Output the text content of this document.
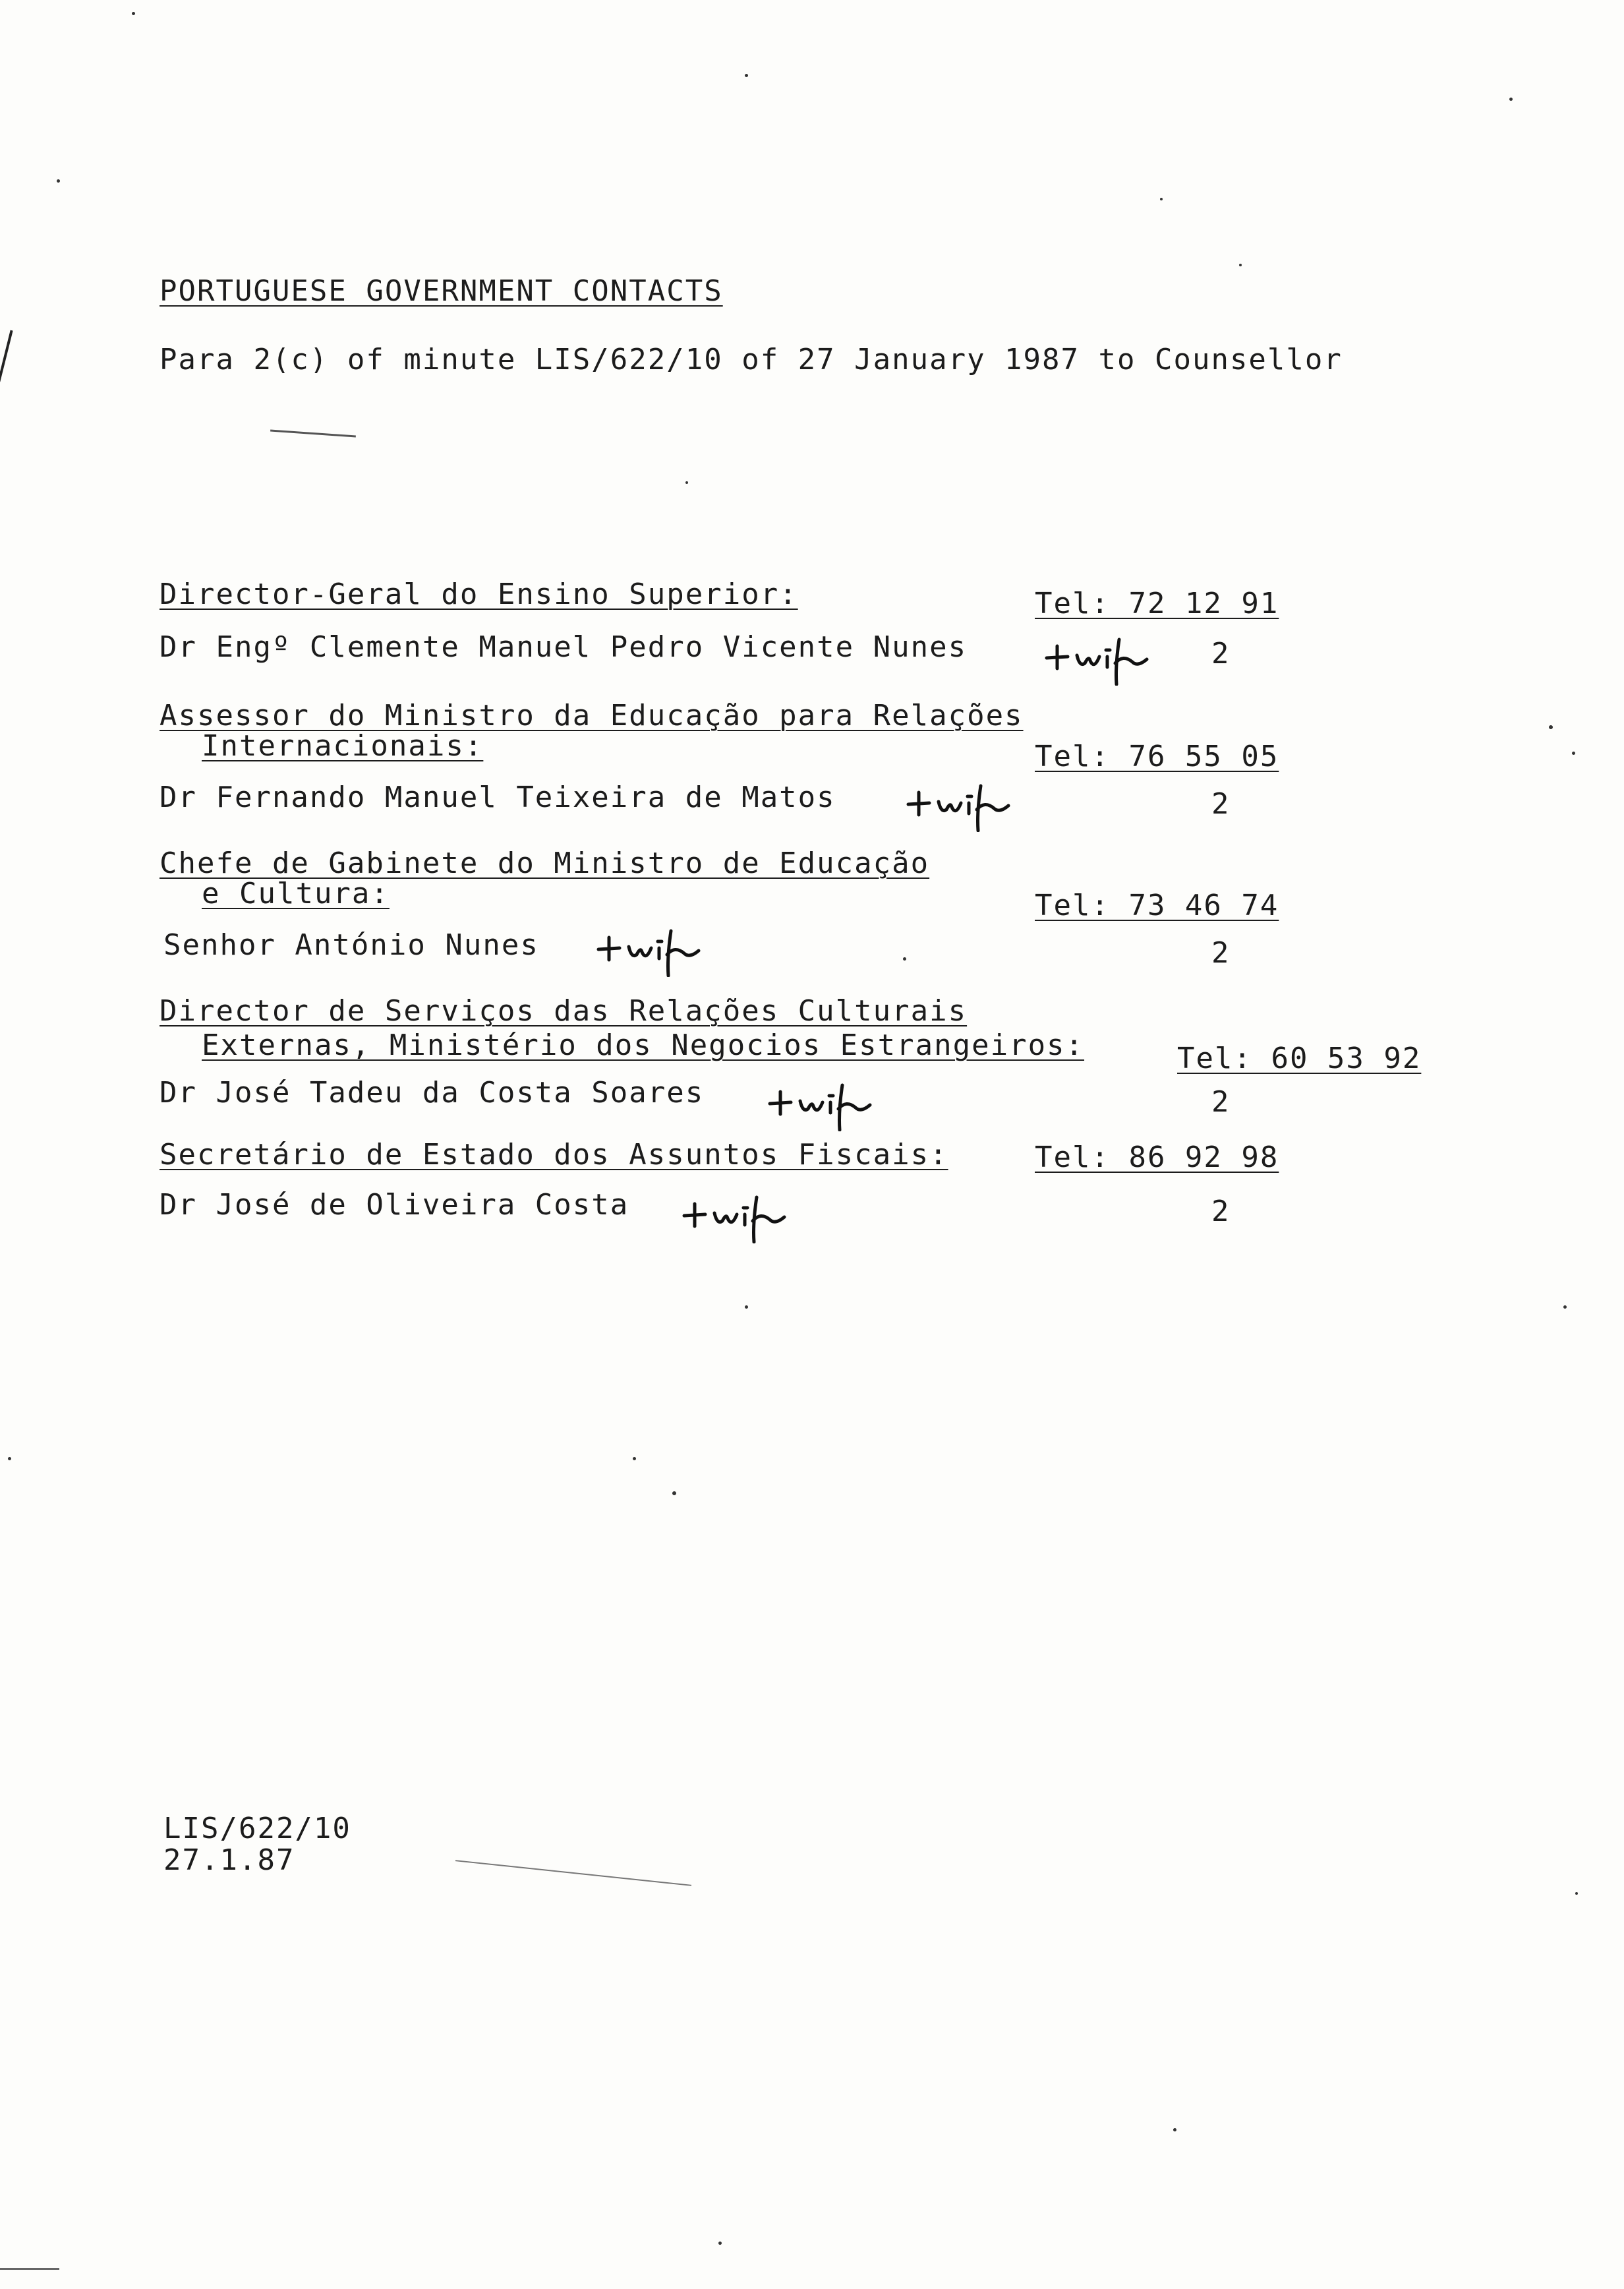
PORTUGUESE GOVERNMENT CONTACTS
Para 2(c) of minute LIS/622/10 of 27 January 1987 to Counsellor
Director-Geral do Ensino Superior:	Tel: 72 12 91
Dr Engº Clemente Manuel Pedro Vicente Nunes	2
Assessor do Ministro da Educação para Relações
Internacionais:	Tel: 76 55 05
Dr Fernando Manuel Teixeira de Matos	2
Chefe de Gabinete do Ministro de Educação
e Cultura:	Tel: 73 46 74
Senhor António Nunes	2
Director de Serviços das Relações Culturais
Externas, Ministério dos Negocios Estrangeiros:	Tel: 60 53 92
Dr José Tadeu da Costa Soares	2
Secretário de Estado dos Assuntos Fiscais:	Tel: 86 92 98
Dr José de Oliveira Costa	2
LIS/622/10
27.1.87
